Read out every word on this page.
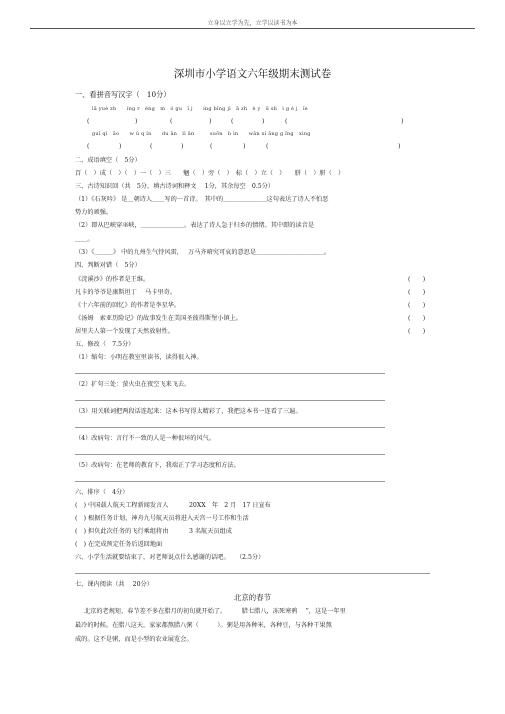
立身以立学为先，立学以读书为本
深圳市小学语文六年级期末测试卷
一、看拼音写汉字（　10分）
lǎ yuè zh　　íng r　èng　m　ó gu　ǐ j　　íng bǐng jì　ā zh　è y　ū sh　ì g é j　ǐe
(	)	(	)	(	)	(	)
guǐ qì　ǎo　　w ǔ q ín　　du ān　lì ān　　　suōn　b ìn　　wān xí āng g ǐng　xing
(	)	(	)	(	)	(	)
二、成语填空（　5分）
百（　）成（　）（　）一（　）三　　魑（　）旁（　）　标（　）立（　）　　胼（　）胼（　）
三、古诗知识回（共　5分，填古诗词和释文　 1分，其余每空　0.5分）
（1）《石灰吟》 是＿朝诗人＿＿写的一首诗。　其中的＿＿＿＿＿＿＿这句表达了诗人不怕恶
势力的顽强。
（2）即从巴峡穿巫峡，＿＿＿＿＿＿＿。表达了诗人急于归乡的情绪。其中即的读音是
＿＿。
（3）《＿＿＿》 中的九州生气恃风雷，　 万马齐喑究可哀的意思是＿＿＿＿＿＿＿＿＿＿＿。
四、判断对错（　5分）
《浣溪沙》的作者是王维。	(　　)
凡卡的爷爷是康斯坦丁　 马卡里奇。	(　　)
《十六年前的回忆》的作者是李星华。	(　　)
《汤姆　索亚历险记》的故事发生在美国圣彼得斯堡小镇上。	(　　)
居里夫人第一个发现了天然放射性。	(　　)
五、修改（　7.5分）
（1）缩句：小明在教室里读书，读得很入神。
（2）扩句三处：萤火虫在夜空飞来飞去。
（3）用关联词把两段话连起来：这本书写得太精彩了，我把这本书一连看了三遍。
（4）改病句：言行不一致的人是一种很坏的风气。
（5）改病句：在老师的教育下，我端正了学习态度和方法。
六、排序（　4分）
(　) 中国载人航天工程新闻发言人　　　 20XX　年　2 月　17 日宣布
(　) 根据任务计划，神舟九号航天员将进入天宫一号工作和生活
(　) 担负此次任务的飞行乘组将由　　　 3 名航天员组成
(　) 在完成预定任务后返回地面
六、小学生活就要结束了，对老师说点什么感谢的话吧。　　（2.5分）
七、课内阅读（共　 20分）
北京的春节
北京的老规矩，春节差不多在腊月的初旬就开始了。　　　腊七腊八，冻死寒鸦　 ”，这是一年里
最冷的时候。在腊八这天，家家都熬腊八粥（　　　）。粥是用各种米，各种豆，与各种干果熬
成的。这不是粥，而是小型的农业展览会。
